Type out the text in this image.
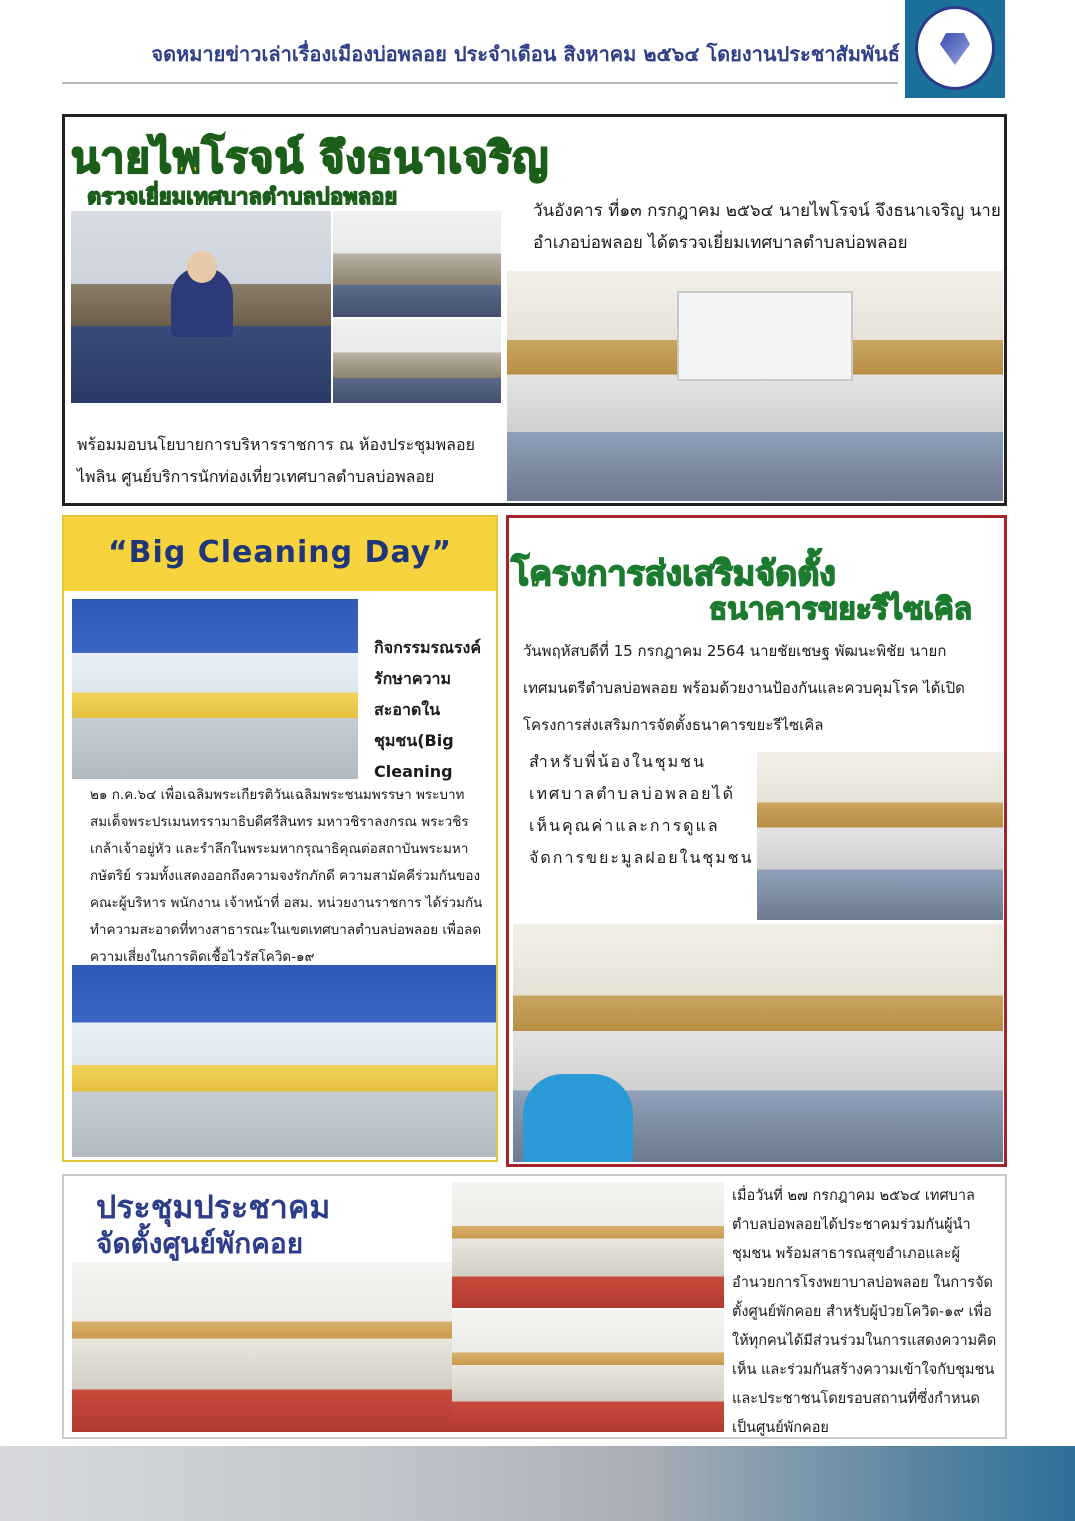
จดหมายข่าวเล่าเรื่องเมืองบ่อพลอย ประจำเดือน สิงหาคม ๒๕๖๔ โดยงานประชาสัมพันธ์
นายไพโรจน์ จึงธนาเจริญ
ตรวจเยี่ยมเทศบาลตำบลบ่อพลอย
วันอังคาร ที่๑๓ กรกฎาคม ๒๕๖๔ นายไพโรจน์ จึงธนาเจริญ นายอำเภอบ่อพลอย ได้ตรวจเยี่ยมเทศบาลตำบลบ่อพลอย
พร้อมมอบนโยบายการบริหารราชการ ณ ห้องประชุมพลอยไพลิน ศูนย์บริการนักท่องเที่ยวเทศบาลตำบลบ่อพลอย
“Big Cleaning Day”
กิจกรรมรณรงค์รักษาความสะอาดในชุมชน(Big Cleaning
๒๑ ก.ค.๖๔ เพื่อเฉลิมพระเกียรติวันเฉลิมพระชนมพรรษา พระบาทสมเด็จพระปรเมนทรรามาธิบดีศรีสินทร มหาวชิราลงกรณ พระวชิรเกล้าเจ้าอยู่หัว และรำลึกในพระมหากรุณาธิคุณต่อสถาบันพระมหากษัตริย์ รวมทั้งแสดงออกถึงความจงรักภักดี ความสามัคคีร่วมกันของคณะผู้บริหาร พนักงาน เจ้าหน้าที่ อสม. หน่วยงานราชการ ได้ร่วมกันทำความสะอาดที่ทางสาธารณะในเขตเทศบาลตำบลบ่อพลอย เพื่อลดความเสี่ยงในการติดเชื้อไวรัสโควิด-๑๙
โครงการส่งเสริมจัดตั้ง
ธนาคารขยะรีไซเคิล
วันพฤหัสบดีที่ 15 กรกฎาคม 2564 นายชัยเชษฐ พัฒนะพิชัย นายกเทศมนตรีตำบลบ่อพลอย พร้อมด้วยงานป้องกันและควบคุมโรค ได้เปิดโครงการส่งเสริมการจัดตั้งธนาคารขยะรีไซเคิล
สำหรับพี่น้องในชุมชนเทศบาลตำบลบ่อพลอยได้เห็นคุณค่าและการดูแลจัดการขยะมูลฝอยในชุมชน
ประชุมประชาคม
จัดตั้งศูนย์พักคอย
เมื่อวันที่ ๒๗ กรกฎาคม ๒๕๖๔ เทศบาลตำบลบ่อพลอยได้ประชาคมร่วมกันผู้นำชุมชน พร้อมสาธารณสุขอำเภอและผู้อำนวยการโรงพยาบาลบ่อพลอย ในการจัดตั้งศูนย์พักคอย สำหรับผู้ป่วยโควิด-๑๙ เพื่อให้ทุกคนได้มีส่วนร่วมในการแสดงความคิดเห็น และร่วมกันสร้างความเข้าใจกับชุมชน และประชาชนโดยรอบสถานที่ซึ่งกำหนดเป็นศูนย์พักคอย
